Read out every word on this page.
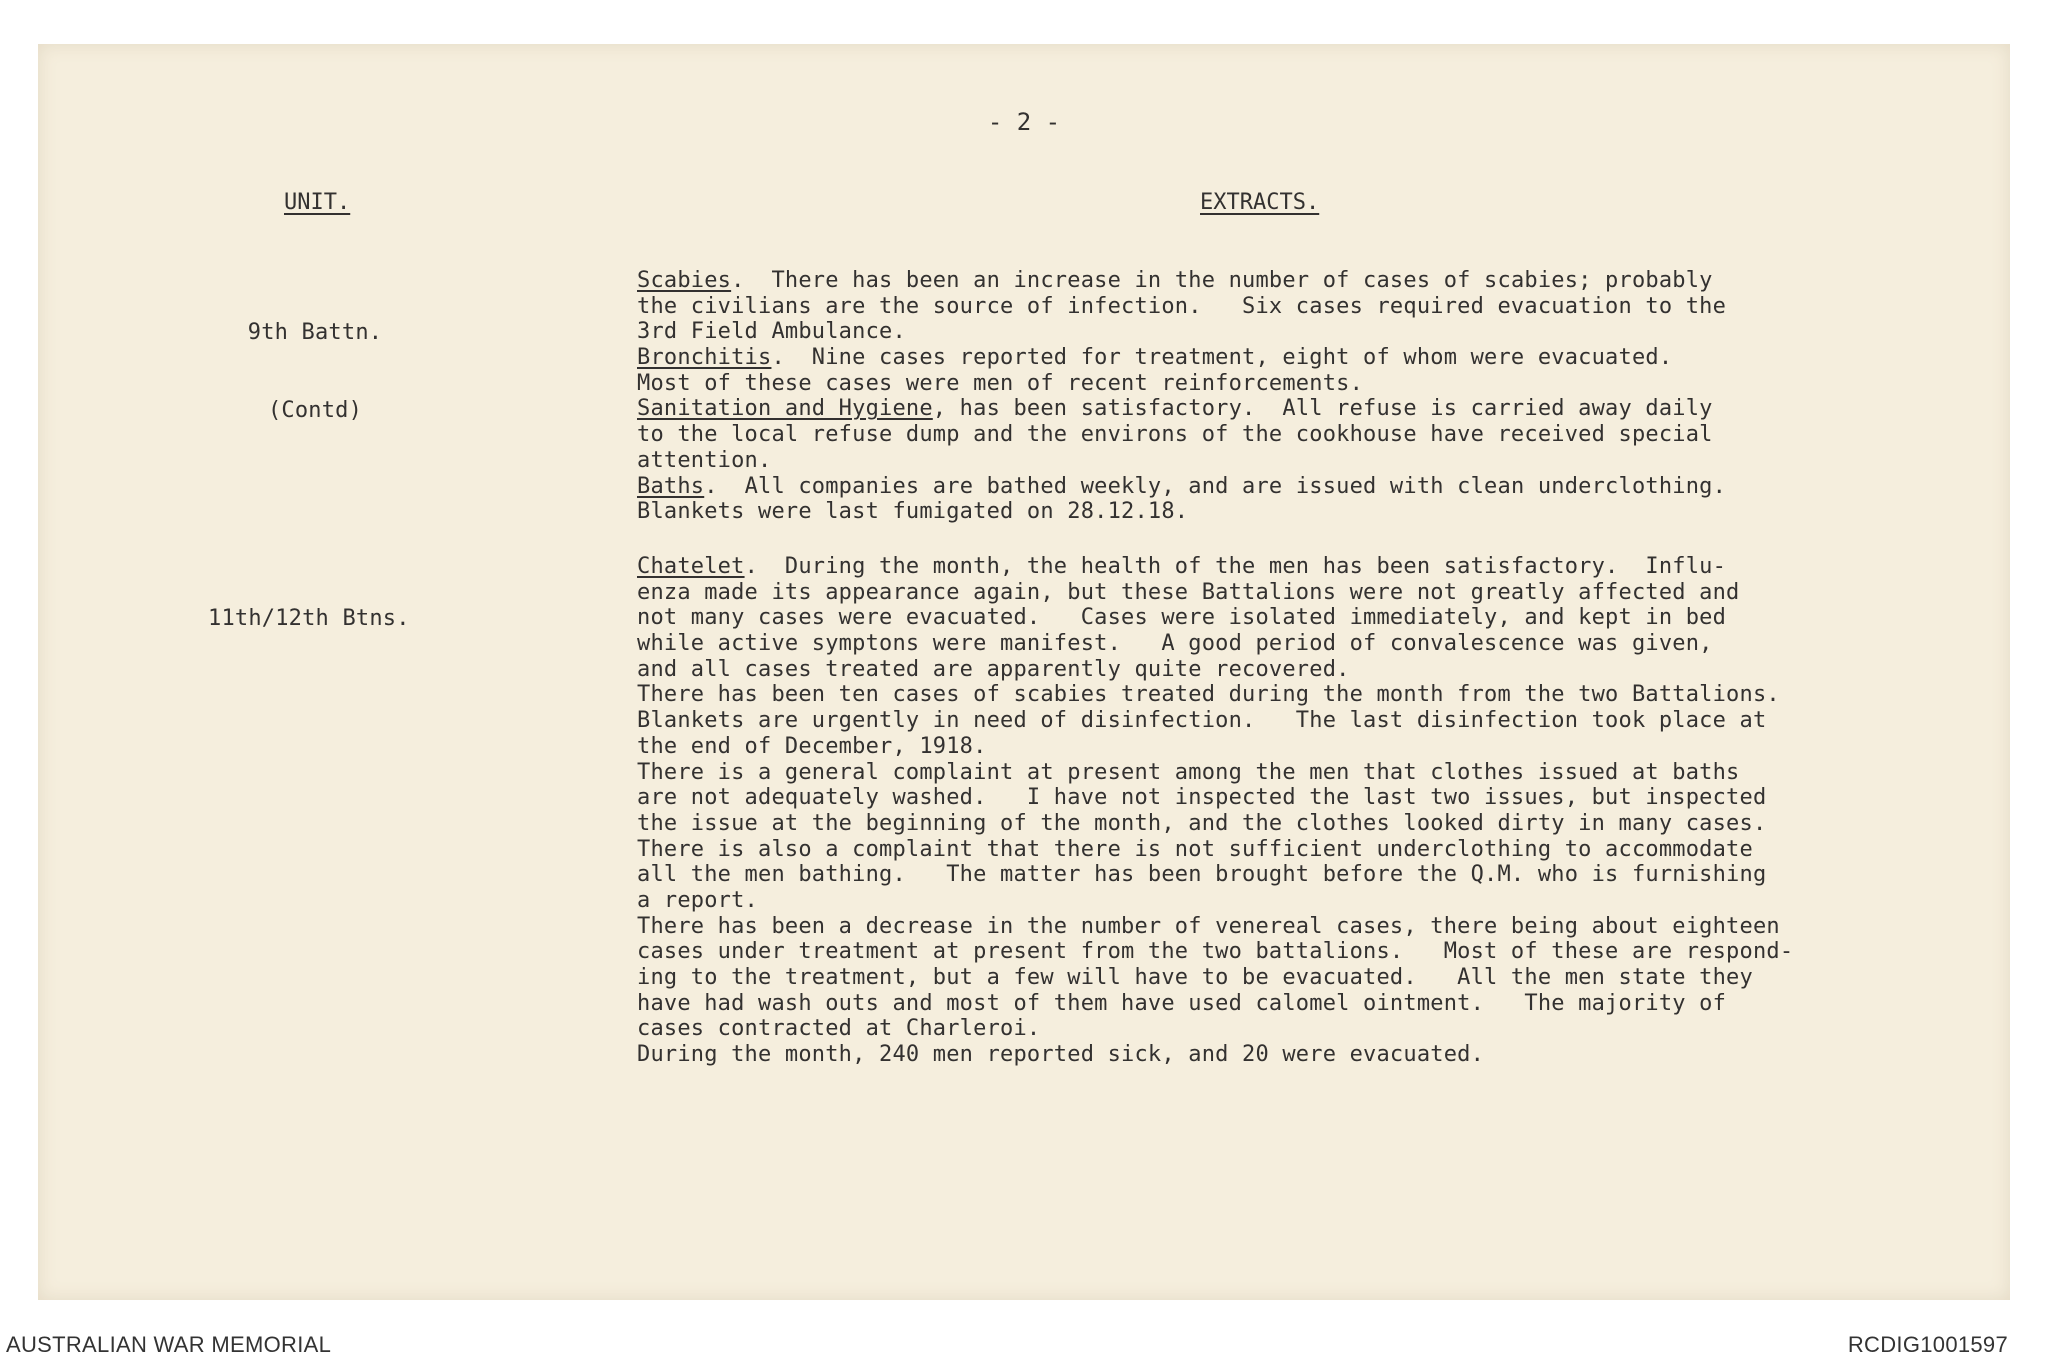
- 2 -
UNIT.	EXTRACTS.

9th Battn.

(Contd)

11th/12th Btns.

Scabies.  There has been an increase in the number of cases of scabies; probably
the civilians are the source of infection.   Six cases required evacuation to the
3rd Field Ambulance.
Bronchitis.  Nine cases reported for treatment, eight of whom were evacuated.
Most of these cases were men of recent reinforcements.
Sanitation and Hygiene, has been satisfactory.  All refuse is carried away daily
to the local refuse dump and the environs of the cookhouse have received special
attention.
Baths.  All companies are bathed weekly, and are issued with clean underclothing.
Blankets were last fumigated on 28.12.18.
Chatelet.  During the month, the health of the men has been satisfactory.  Influ-
enza made its appearance again, but these Battalions were not greatly affected and
not many cases were evacuated.   Cases were isolated immediately, and kept in bed
while active symptons were manifest.   A good period of convalescence was given,
and all cases treated are apparently quite recovered.
There has been ten cases of scabies treated during the month from the two Battalions.
Blankets are urgently in need of disinfection.   The last disinfection took place at
the end of December, 1918.
There is a general complaint at present among the men that clothes issued at baths
are not adequately washed.   I have not inspected the last two issues, but inspected
the issue at the beginning of the month, and the clothes looked dirty in many cases.
There is also a complaint that there is not sufficient underclothing to accommodate
all the men bathing.   The matter has been brought before the Q.M. who is furnishing
a report.
There has been a decrease in the number of venereal cases, there being about eighteen
cases under treatment at present from the two battalions.   Most of these are respond-
ing to the treatment, but a few will have to be evacuated.   All the men state they
have had wash outs and most of them have used calomel ointment.   The majority of
cases contracted at Charleroi.
During the month, 240 men reported sick, and 20 were evacuated.
AUSTRALIAN WAR MEMORIAL	RCDIG1001597
